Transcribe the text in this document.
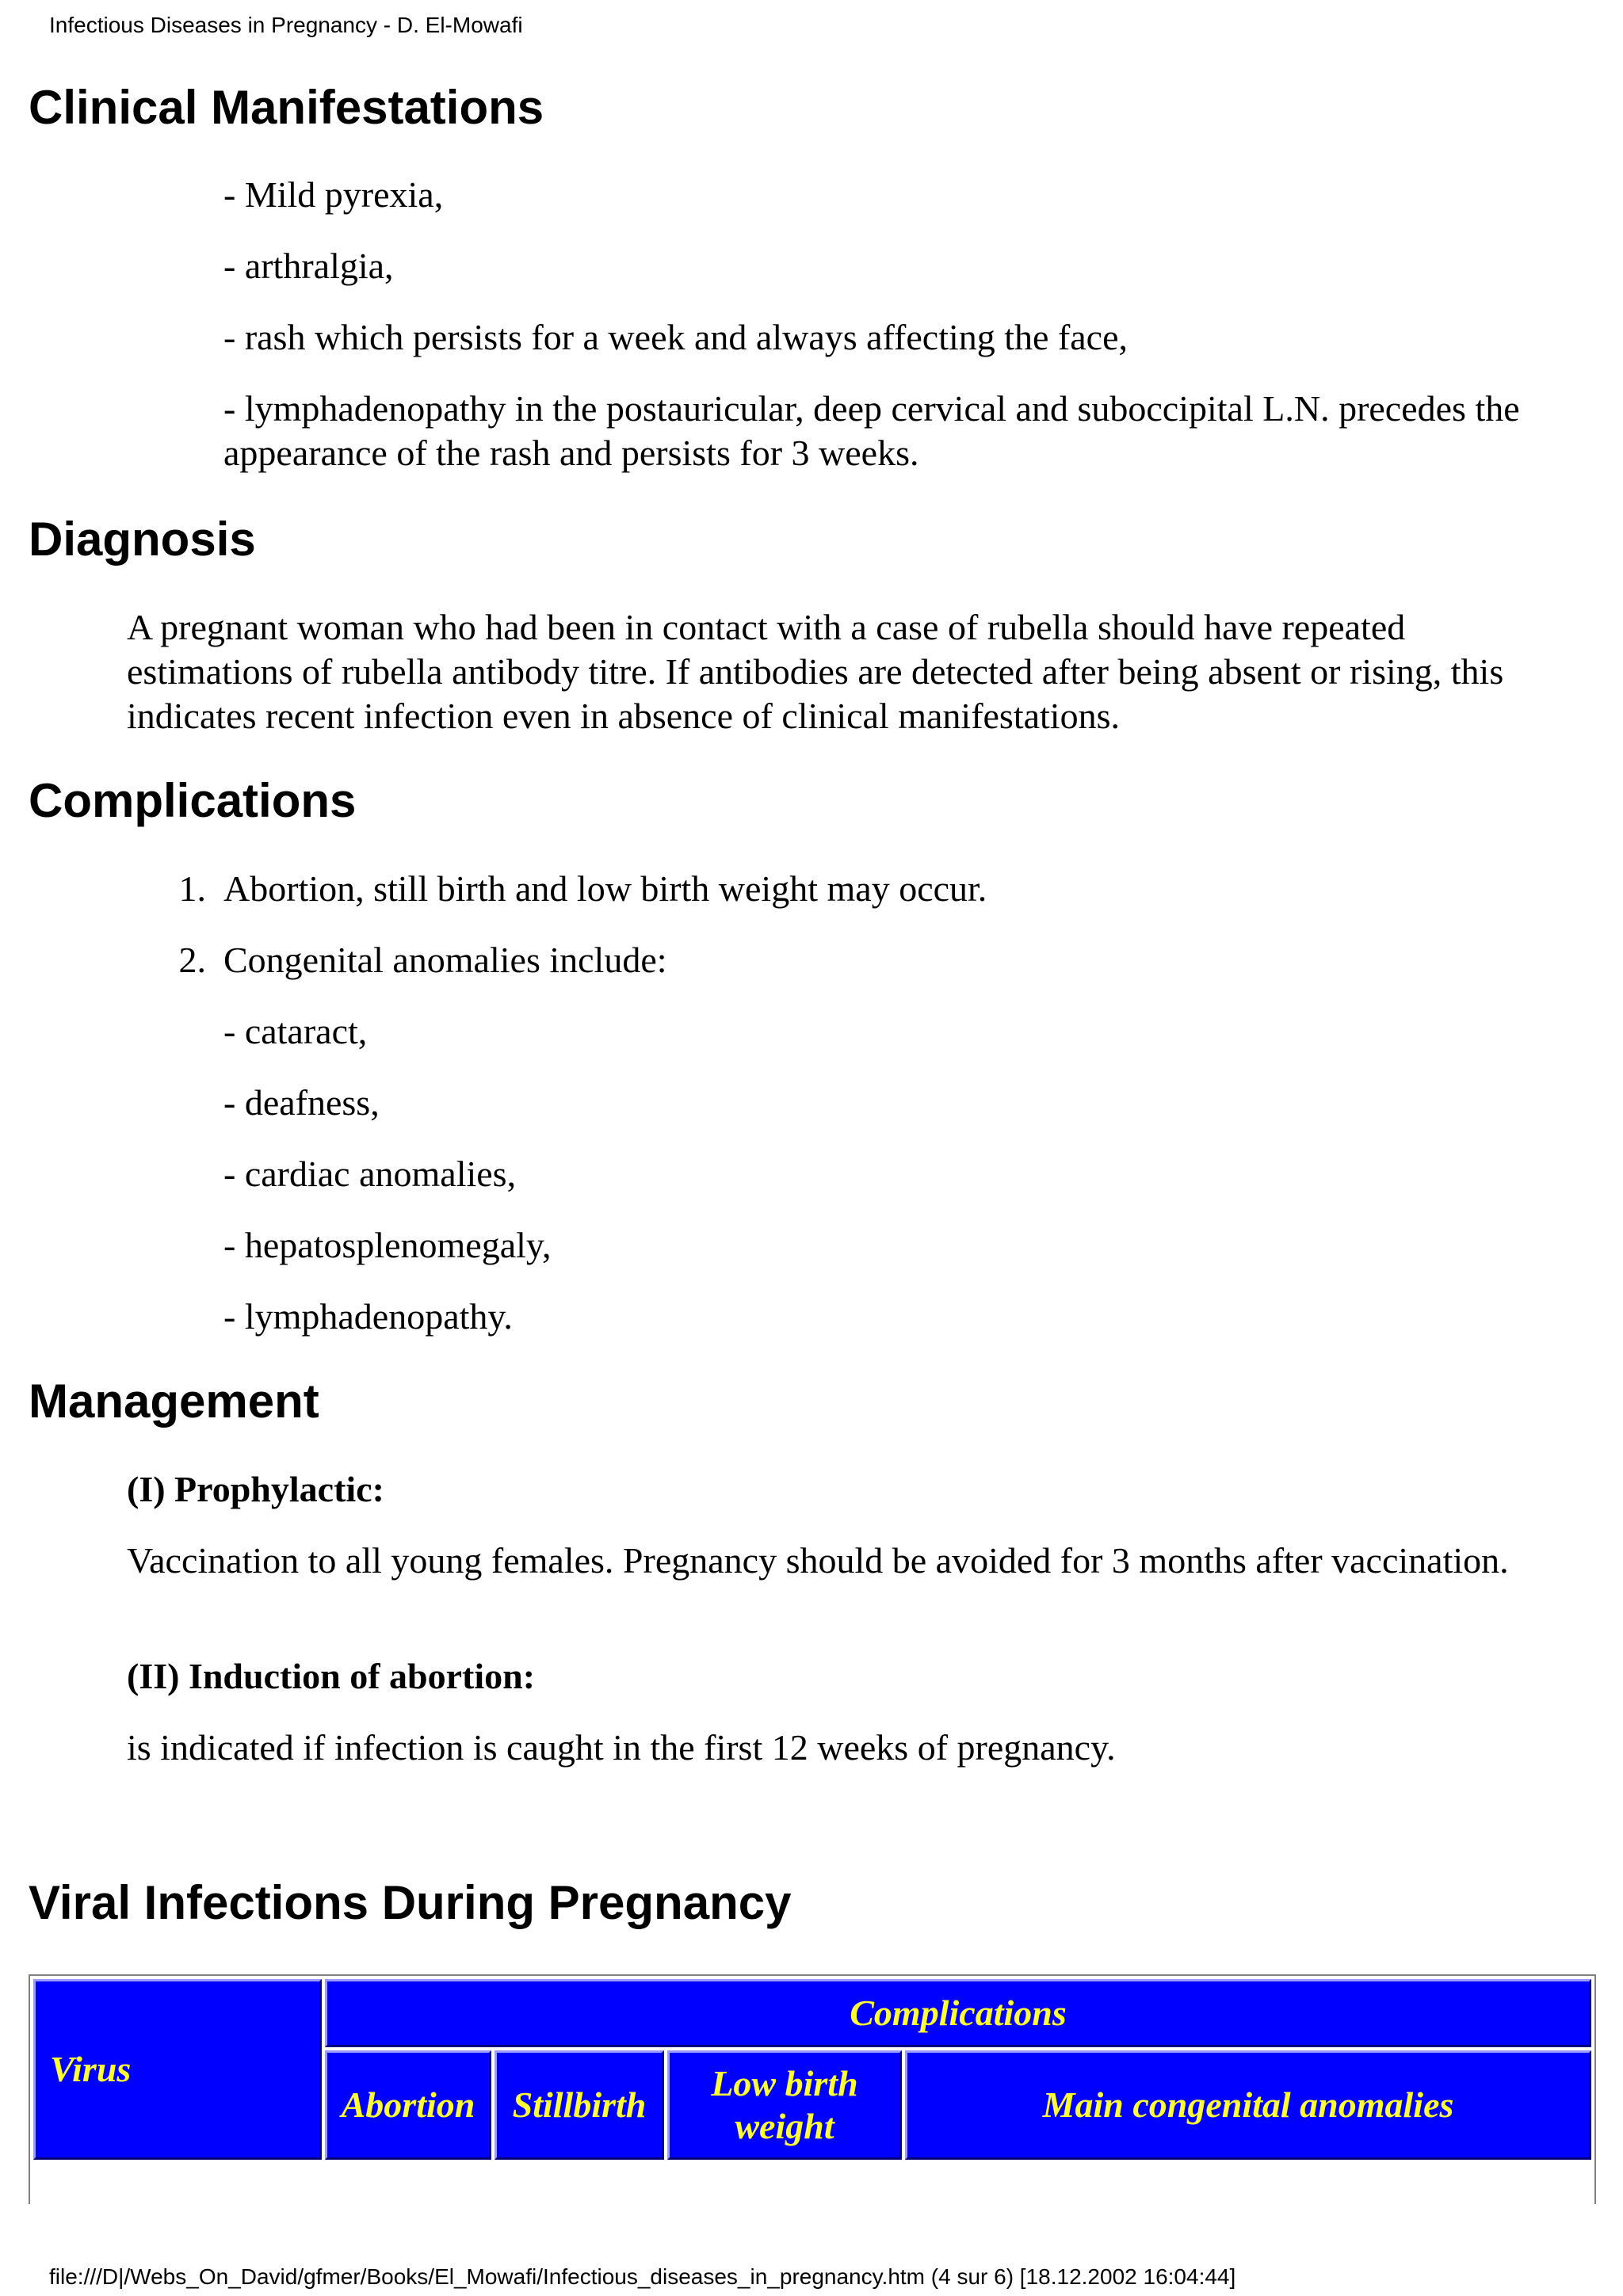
Infectious Diseases in Pregnancy - D. El-Mowafi
Clinical Manifestations

- Mild pyrexia,

- arthralgia,

- rash which persists for a week and always affecting the face,

- lymphadenopathy in the postauricular, deep cervical and suboccipital L.N. precedes the appearance of the rash and persists for 3 weeks.

Diagnosis

A pregnant woman who had been in contact with a case of rubella should have repeated estimations of rubella antibody titre. If antibodies are detected after being absent or rising, this indicates recent infection even in absence of clinical manifestations.

Complications
1. Abortion, still birth and low birth weight may occur.

2. Congenital anomalies include:

- cataract,

- deafness,

- cardiac anomalies,

- hepatosplenomegaly,

- lymphadenopathy.

Management

(I) Prophylactic:

Vaccination to all young females. Pregnancy should be avoided for 3 months after vaccination.

(II) Induction of abortion:

is indicated if infection is caught in the first 12 weeks of pregnancy.

Viral Infections During Pregnancy
Virus
Complications
Abortion	Stillbirth
Low birth weight
Main congenital anomalies
file:///D|/Webs_On_David/gfmer/Books/El_Mowafi/Infectious_diseases_in_pregnancy.htm (4 sur 6) [18.12.2002 16:04:44]
